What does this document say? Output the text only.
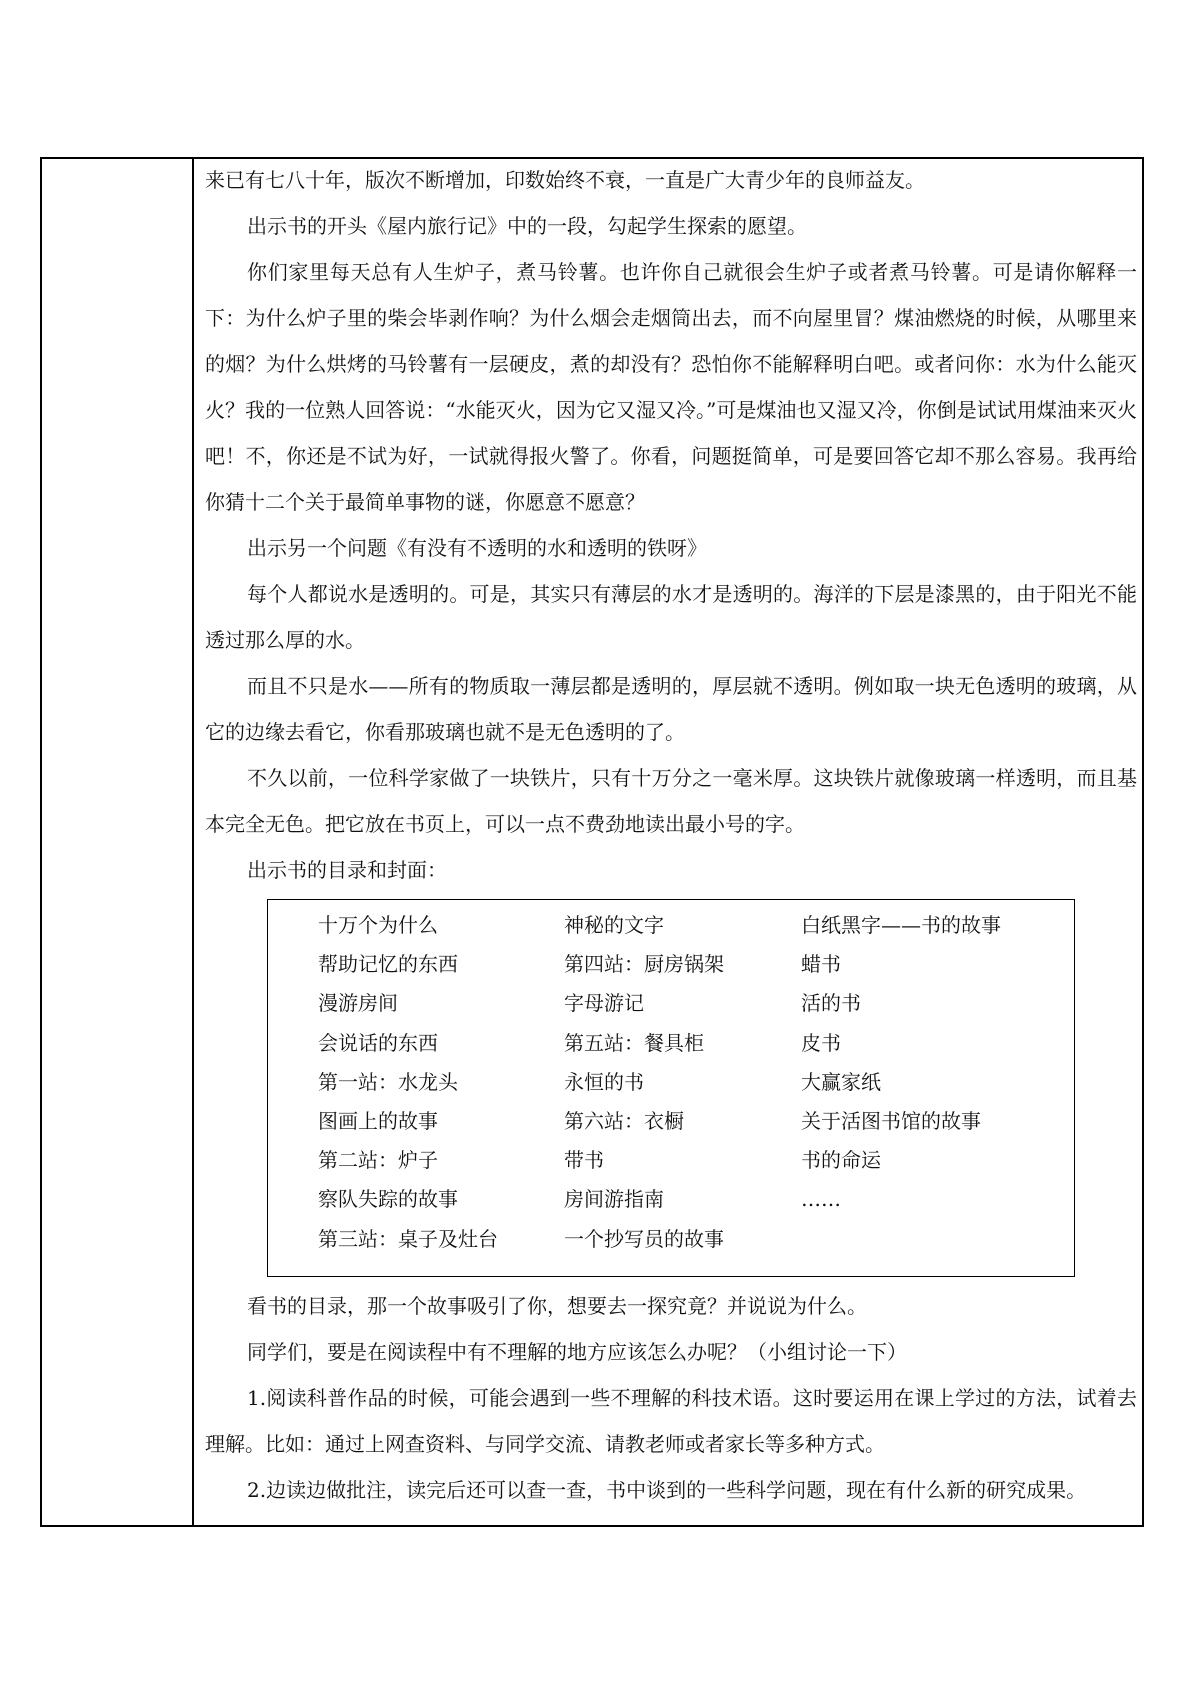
来已有七八十年，版次不断增加，印数始终不衰，一直是广大青少年的良师益友。

出示书的开头《屋内旅行记》中的一段，勾起学生探索的愿望。

你们家里每天总有人生炉子，煮马铃薯。也许你自己就很会生炉子或者煮马铃薯。可是请你解释一下：为什么炉子里的柴会毕剥作响？为什么烟会走烟筒出去，而不向屋里冒？煤油燃烧的时候，从哪里来的烟？为什么烘烤的马铃薯有一层硬皮，煮的却没有？恐怕你不能解释明白吧。或者问你：水为什么能灭火？我的一位熟人回答说：“水能灭火，因为它又湿又冷。”可是煤油也又湿又冷，你倒是试试用煤油来灭火吧！不，你还是不试为好，一试就得报火警了。你看，问题挺简单，可是要回答它却不那么容易。我再给你猜十二个关于最简单事物的谜，你愿意不愿意？

出示另一个问题《有没有不透明的水和透明的铁呀》

每个人都说水是透明的。可是，其实只有薄层的水才是透明的。海洋的下层是漆黑的，由于阳光不能透过那么厚的水。

而且不只是水——所有的物质取一薄层都是透明的，厚层就不透明。例如取一块无色透明的玻璃，从它的边缘去看它，你看那玻璃也就不是无色透明的了。

不久以前，一位科学家做了一块铁片，只有十万分之一毫米厚。这块铁片就像玻璃一样透明，而且基本完全无色。把它放在书页上，可以一点不费劲地读出最小号的字。

出示书的目录和封面：

十万个为什么
帮助记忆的东西
漫游房间
会说话的东西
第一站：水龙头
图画上的故事
第二站：炉子
察队失踪的故事
第三站：桌子及灶台
神秘的文字
第四站：厨房锅架
字母游记
第五站：餐具柜
永恒的书
第六站：衣橱
带书
房间游指南
一个抄写员的故事
白纸黑字——书的故事
蜡书
活的书
皮书
大赢家纸
关于活图书馆的故事
书的命运
……

看书的目录，那一个故事吸引了你，想要去一探究竟？并说说为什么。

同学们，要是在阅读程中有不理解的地方应该怎么办呢？（小组讨论一下）

1.阅读科普作品的时候，可能会遇到一些不理解的科技术语。这时要运用在课上学过的方法，试着去理解。比如：通过上网查资料、与同学交流、请教老师或者家长等多种方式。

2.边读边做批注，读完后还可以查一查，书中谈到的一些科学问题，现在有什么新的研究成果。
